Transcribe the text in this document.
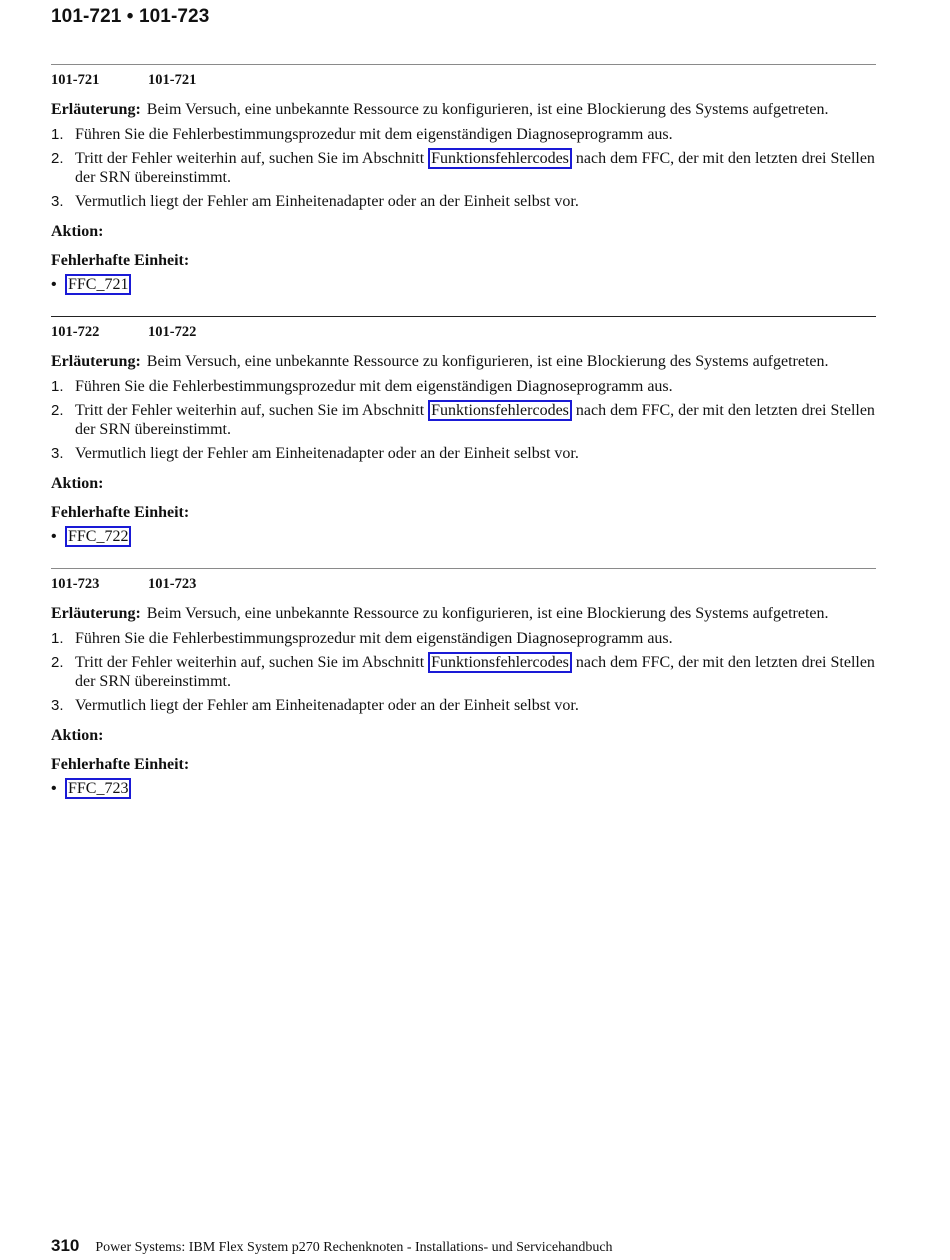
101-721 • 101-723
101-721	101-721
Erläuterung: Beim Versuch, eine unbekannte Ressource zu konfigurieren, ist eine Blockierung des Systems aufgetreten.
1. Führen Sie die Fehlerbestimmungsprozedur mit dem eigenständigen Diagnoseprogramm aus.
2. Tritt der Fehler weiterhin auf, suchen Sie im Abschnitt Funktionsfehlercodes nach dem FFC, der mit den letzten drei Stellen der SRN übereinstimmt.
3. Vermutlich liegt der Fehler am Einheitenadapter oder an der Einheit selbst vor.
Aktion:
Fehlerhafte Einheit:
• FFC_721
101-722	101-722
Erläuterung: Beim Versuch, eine unbekannte Ressource zu konfigurieren, ist eine Blockierung des Systems aufgetreten.
1. Führen Sie die Fehlerbestimmungsprozedur mit dem eigenständigen Diagnoseprogramm aus.
2. Tritt der Fehler weiterhin auf, suchen Sie im Abschnitt Funktionsfehlercodes nach dem FFC, der mit den letzten drei Stellen der SRN übereinstimmt.
3. Vermutlich liegt der Fehler am Einheitenadapter oder an der Einheit selbst vor.
Aktion:
Fehlerhafte Einheit:
• FFC_722
101-723	101-723
Erläuterung: Beim Versuch, eine unbekannte Ressource zu konfigurieren, ist eine Blockierung des Systems aufgetreten.
1. Führen Sie die Fehlerbestimmungsprozedur mit dem eigenständigen Diagnoseprogramm aus.
2. Tritt der Fehler weiterhin auf, suchen Sie im Abschnitt Funktionsfehlercodes nach dem FFC, der mit den letzten drei Stellen der SRN übereinstimmt.
3. Vermutlich liegt der Fehler am Einheitenadapter oder an der Einheit selbst vor.
Aktion:
Fehlerhafte Einheit:
• FFC_723
310 Power Systems: IBM Flex System p270 Rechenknoten - Installations- und Servicehandbuch
